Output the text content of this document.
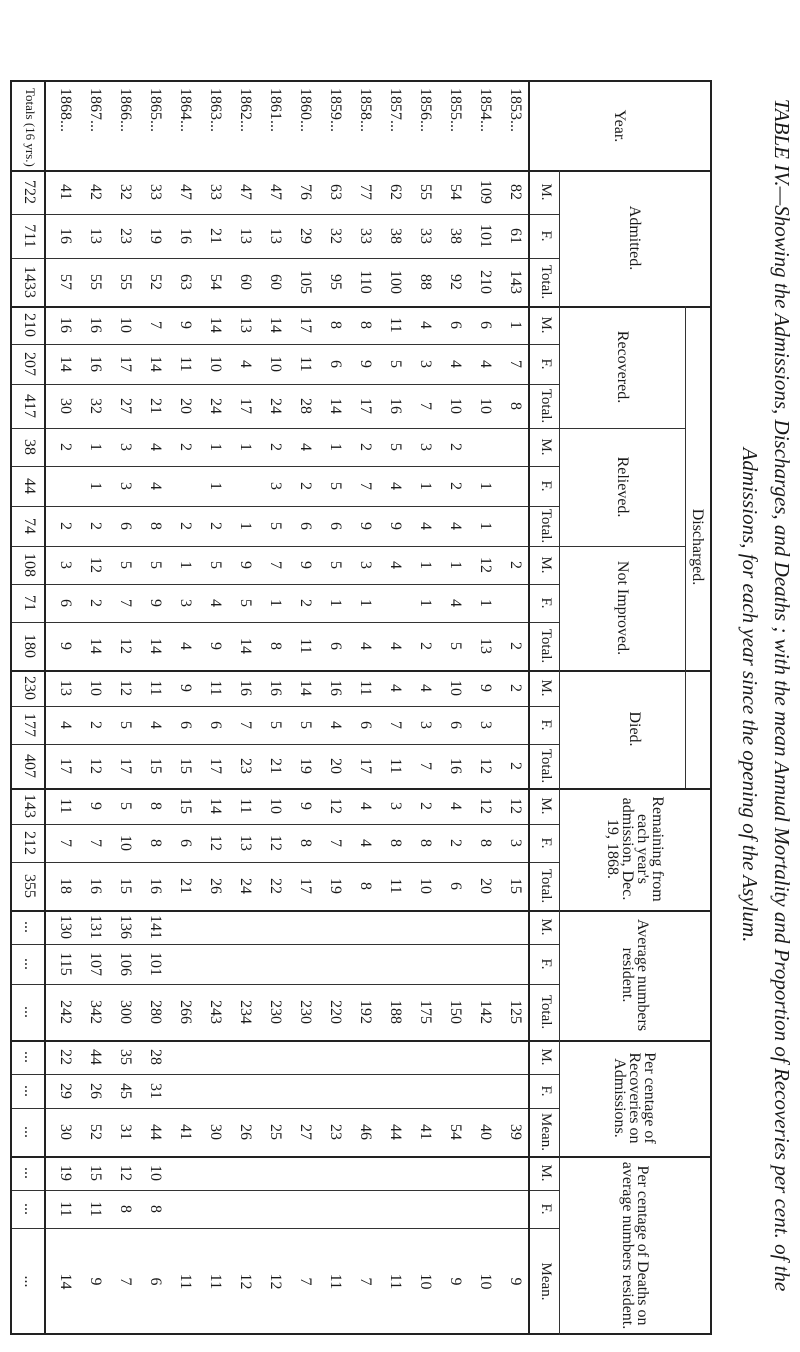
TABLE IV.—Showing the Admissions, Discharges, and Deaths ; with the mean Annual Mortality and Proportion of Recoveries per cent. of the
Admissions, for each year since the opening of the Asylum.
Year.
Admitted.
Discharged.
Recovered.
Relieved.
Not Improved.
Died.
Remaining from each year's admission, Dec. 19, 1868.
Average numbers resident.
Per centage of Recoveries on Admissions.
Per centage of Deaths on average numbers resident.
M.
F.
Total.
M.
F.
Total.
M.
F.
Total.
M.
F.
Total.
M.
F.
Total.
M.
F.
Total.
M.
F.
Total.
M.
F.
Mean.
M.
F.
Mean.
1853...
82
61
143
1
7
8
2
2
2
2
12
3
15
125
39
9
1854...
109
101
210
6
4
10
1
1
12
1
13
9
3
12
12
8
20
142
40
10
1855...
54
38
92
6
4
10
2
2
4
1
4
5
10
6
16
4
2
6
150
54
9
1856...
55
33
88
4
3
7
3
1
4
1
1
2
4
3
7
2
8
10
175
41
10
1857...
62
38
100
11
5
16
5
4
9
4
4
4
7
11
3
8
11
188
44
11
1858...
77
33
110
8
9
17
2
7
9
3
1
4
11
6
17
4
4
8
192
46
7
1859...
63
32
95
8
6
14
1
5
6
5
1
6
16
4
20
12
7
19
220
23
11
1860...
76
29
105
17
11
28
4
2
6
9
2
11
14
5
19
9
8
17
230
27
7
1861...
47
13
60
14
10
24
2
3
5
7
1
8
16
5
21
10
12
22
230
25
12
1862...
47
13
60
13
4
17
1
1
9
5
14
16
7
23
11
13
24
234
26
12
1863...
33
21
54
14
10
24
1
1
2
5
4
9
11
6
17
14
12
26
243
30
11
1864...
47
16
63
9
11
20
2
2
1
3
4
9
6
15
15
6
21
266
41
11
1865...
33
19
52
7
14
21
4
4
8
5
9
14
11
4
15
8
8
16
141
101
280
28
31
44
10
8
6
1866...
32
23
55
10
17
27
3
3
6
5
7
12
12
5
17
5
10
15
136
106
300
35
45
31
12
8
7
1867...
42
13
55
16
16
32
1
1
2
12
2
14
10
2
12
9
7
16
131
107
342
44
26
52
15
11
9
1868...
41
16
57
16
14
30
2
2
3
6
9
13
4
17
11
7
18
130
115
242
22
29
30
19
11
14
Totals (16 yrs.)
722
711
1433
210
207
417
38
44
74
108
71
180
230
177
407
143
212
355
...
...
...
...
...
...
...
...
...
